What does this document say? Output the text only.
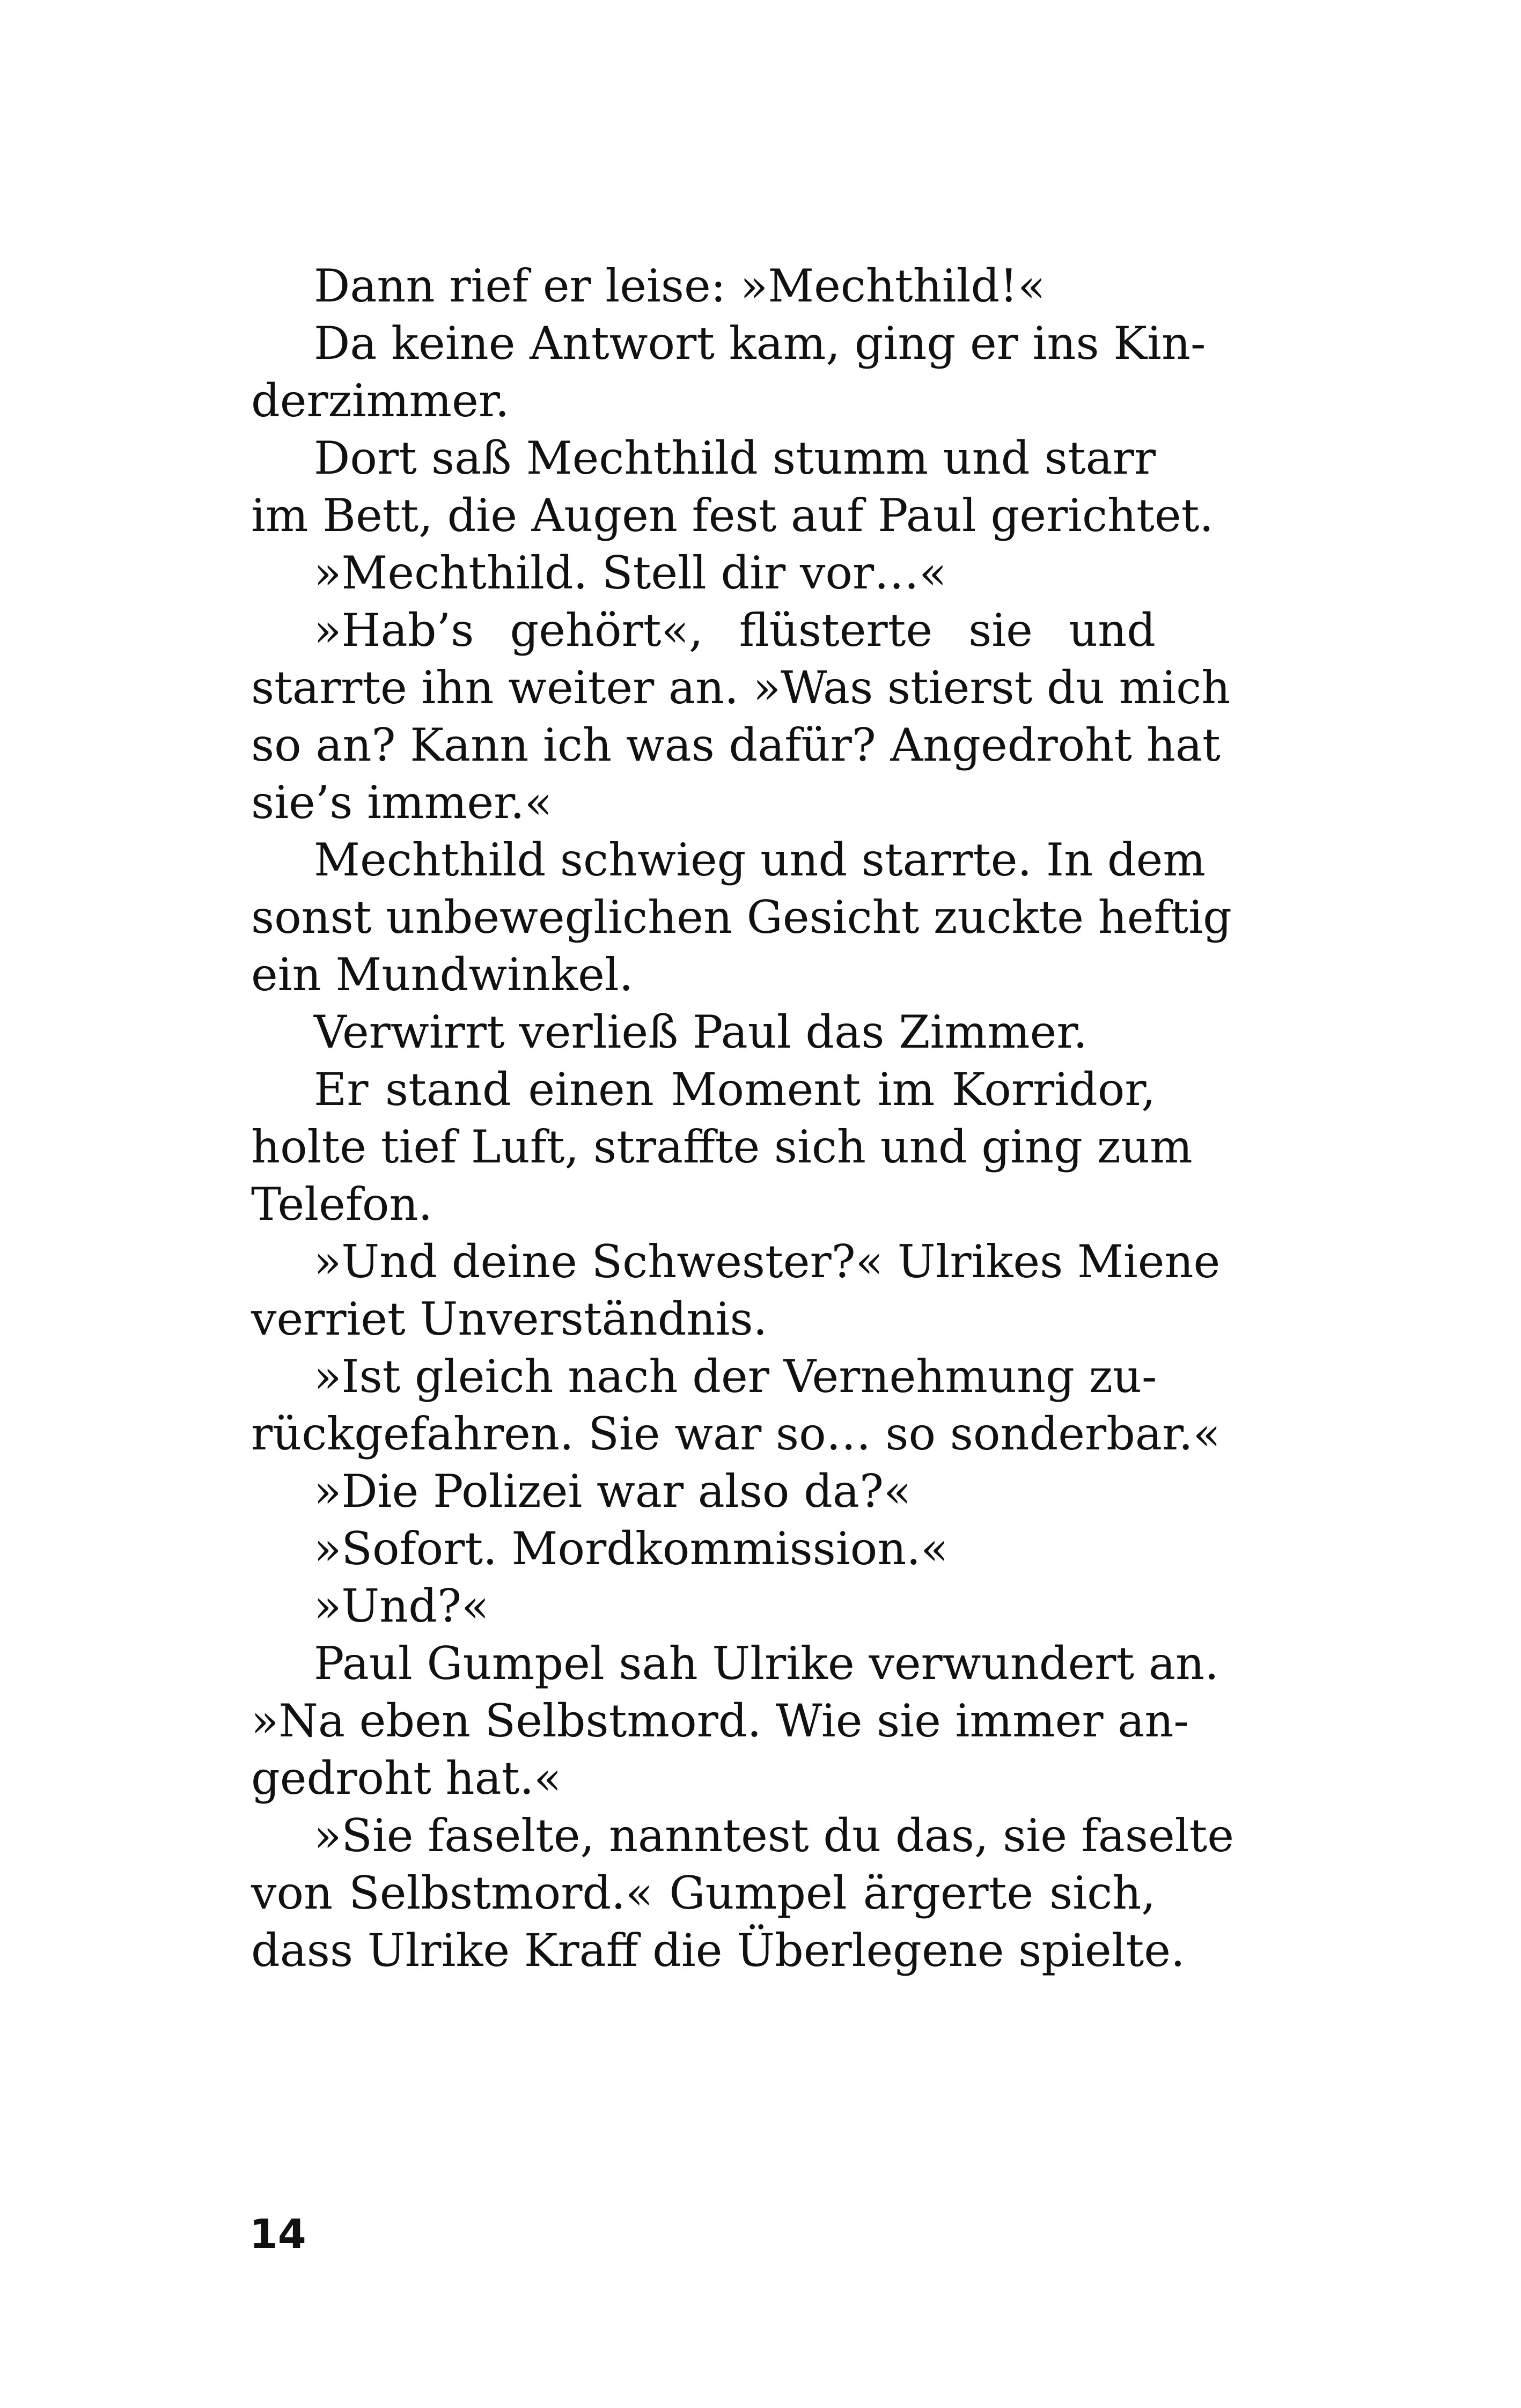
Dann rief er leise: »Mechthild!«
Da keine Antwort kam, ging er ins Kin-
derzimmer.
Dort saß Mechthild stumm und starr
im Bett, die Augen fest auf Paul gerichtet.
»Mechthild. Stell dir vor…«
»Hab’s gehört«, flüsterte sie und
starrte ihn weiter an. »Was stierst du mich
so an? Kann ich was dafür? Angedroht hat
sie’s immer.«
Mechthild schwieg und starrte. In dem
sonst unbeweglichen Gesicht zuckte heftig
ein Mundwinkel.
Verwirrt verließ Paul das Zimmer.
Er stand einen Moment im Korridor,
holte tief Luft, straffte sich und ging zum
Telefon.
»Und deine Schwester?« Ulrikes Miene
verriet Unverständnis.
»Ist gleich nach der Vernehmung zu-
rückgefahren. Sie war so… so sonderbar.«
»Die Polizei war also da?«
»Sofort. Mordkommission.«
»Und?«
Paul Gumpel sah Ulrike verwundert an.
»Na eben Selbstmord. Wie sie immer an-
gedroht hat.«
»Sie faselte, nanntest du das, sie faselte
von Selbstmord.« Gumpel ärgerte sich,
dass Ulrike Kraff die Überlegene spielte.
14
